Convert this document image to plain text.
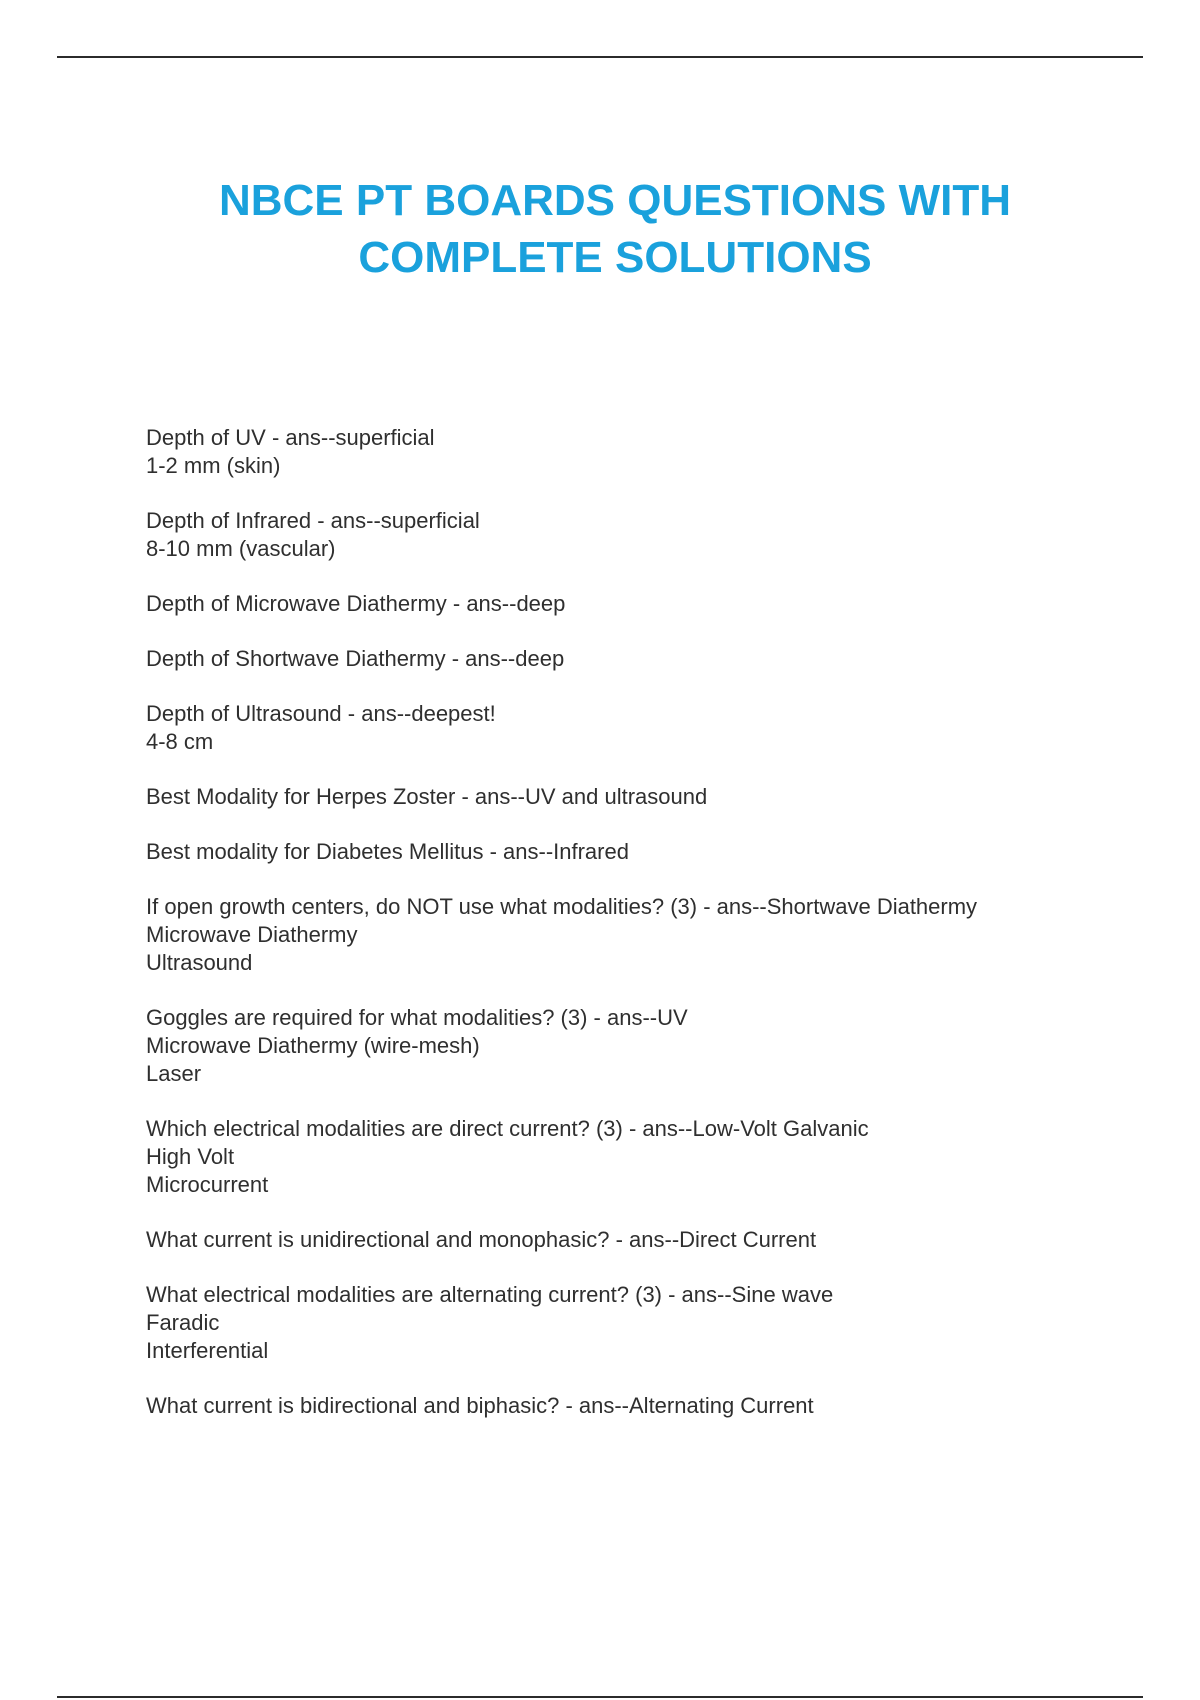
NBCE PT BOARDS QUESTIONS WITH
COMPLETE SOLUTIONS
Depth of UV - ans--superficial
1-2 mm (skin)
Depth of Infrared - ans--superficial
8-10 mm (vascular)
Depth of Microwave Diathermy - ans--deep
Depth of Shortwave Diathermy - ans--deep
Depth of Ultrasound - ans--deepest!
4-8 cm
Best Modality for Herpes Zoster - ans--UV and ultrasound
Best modality for Diabetes Mellitus - ans--Infrared
If open growth centers, do NOT use what modalities? (3) - ans--Shortwave Diathermy
Microwave Diathermy
Ultrasound
Goggles are required for what modalities? (3) - ans--UV
Microwave Diathermy (wire-mesh)
Laser
Which electrical modalities are direct current? (3) - ans--Low-Volt Galvanic
High Volt
Microcurrent
What current is unidirectional and monophasic? - ans--Direct Current
What electrical modalities are alternating current? (3) - ans--Sine wave
Faradic
Interferential
What current is bidirectional and biphasic? - ans--Alternating Current
